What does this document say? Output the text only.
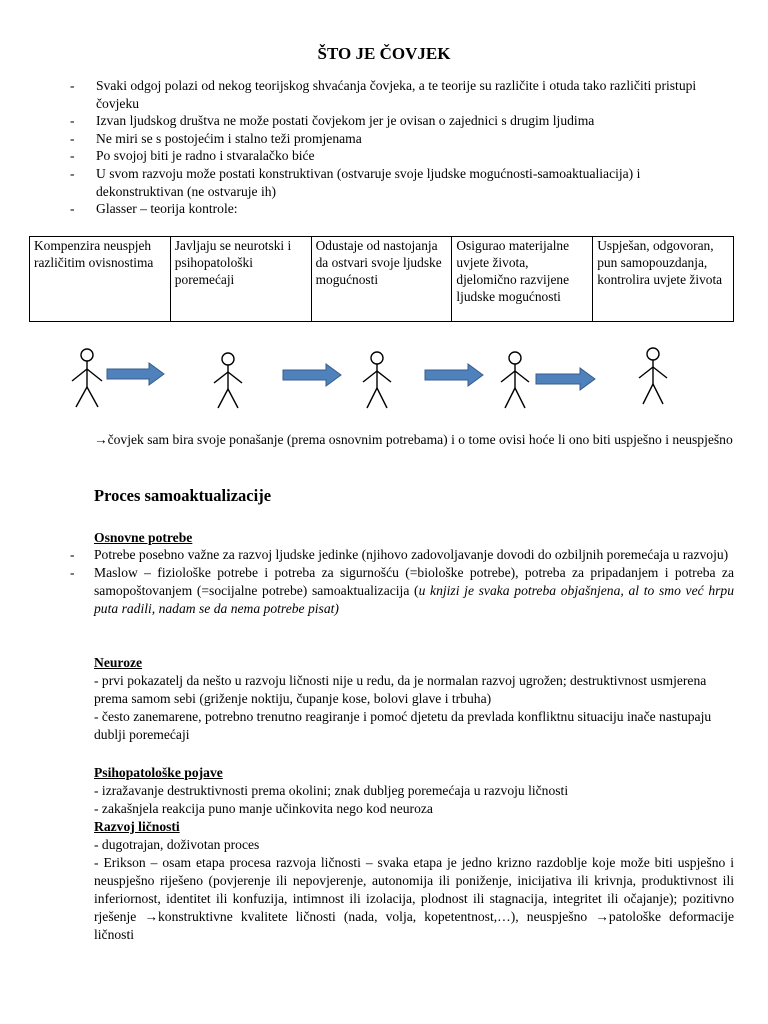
ŠTO JE ČOVJEK
- Svaki odgoj polazi od nekog teorijskog shvaćanja čovjeka, a te teorije su različite i otuda tako različiti pristupi čovjeku
- Izvan ljudskog društva ne može postati čovjekom jer je ovisan o zajednici s drugim ljudima
- Ne miri se s postojećim i stalno teži promjenama
- Po svojoj biti je radno i stvaralačko biće
- U svom razvoju može postati konstruktivan (ostvaruje svoje ljudske mogućnosti-samoaktualiacija) i dekonstruktivan (ne ostvaruje ih)
- Glasser – teorija kontrole:
Kompenzira neuspjeh različitim ovisnostima	Javljaju se neurotski i psihopatološki poremećaji	Odustaje od nastojanja da ostvari svoje ljudske mogućnosti	Osigurao materijalne uvjete života, djelomično razvijene ljudske mogućnosti	Uspješan, odgovoran, pun samopouzdanja, kontrolira uvjete života

→čovjek sam bira svoje ponašanje (prema osnovnim potrebama) i o tome ovisi hoće li ono biti uspješno i neuspješno

Proces samoaktualizacije
Osnovne potrebe
- Potrebe posebno važne za razvoj ljudske jedinke (njihovo zadovoljavanje dovodi do ozbiljnih poremećaja u razvoju)
- Maslow – fiziološke potrebe i potreba za sigurnošću (=biološke potrebe), potreba za pripadanjem i potreba za samopoštovanjem (=socijalne potrebe) samoaktualizacija (u knjizi je svaka potreba objašnjena, al to smo već hrpu puta radili, nadam se da nema potrebe pisat)
Neuroze

- prvi pokazatelj da nešto u razvoju ličnosti nije u redu, da je normalan razvoj ugrožen; destruktivnost usmjerena prema samom sebi (griženje noktiju, čupanje kose, bolovi glave i trbuha)

- često zanemarene, potrebno trenutno reagiranje i pomoć djetetu da prevlada konfliktnu situaciju inače nastupaju dublji poremećaji

Psihopatološke pojave

- izražavanje destruktivnosti prema okolini; znak dubljeg poremećaja u razvoju ličnosti

- zakašnjela reakcija puno manje učinkovita nego kod neuroza

Razvoj ličnosti

- dugotrajan, doživotan proces

- Erikson – osam etapa procesa razvoja ličnosti – svaka etapa je jedno krizno razdoblje koje može biti uspješno i neuspješno riješeno (povjerenje ili nepovjerenje, autonomija ili poniženje, inicijativa ili krivnja, produktivnost ili inferiornost, identitet ili konfuzija, intimnost ili izolacija, plodnost ili stagnacija, integritet ili očajanje); pozitivno rješenje →konstruktivne kvalitete ličnosti (nada, volja, kopetentnost,…), neuspješno →patološke deformacije ličnosti
